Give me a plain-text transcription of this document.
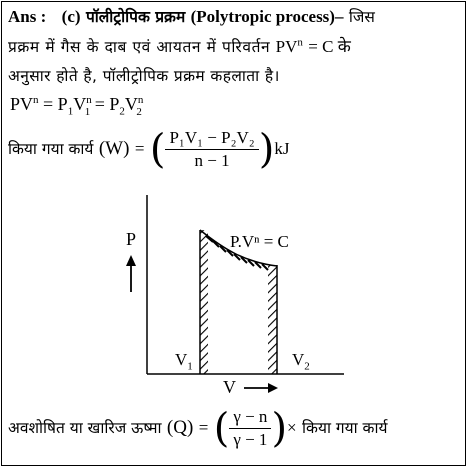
Ans : (c) पॉलीट्रोपिक प्रक्रम (Polytropic process)– जिस
प्रक्रम में गैस के दाब एवं आयतन में परिवर्तन $PV^n = C$ के
अनुसार होते है, पॉलीट्रोपिक प्रक्रम कहलाता है।
$PV^n = P_1V^n_1 = P_2V^n_2$
किया गया कार्य (W) = ( $\frac{\text{P₁V₁ − P₂V₂}}{n - 1} )kJ$
P	P.Vⁿ = C
$V_1$	$V_2$
V
अवशोषित या खारिज ऊष्मा (Q) = ( $\frac{\gamma - n}{\gamma - 1}$ )× किया गया कार्य
